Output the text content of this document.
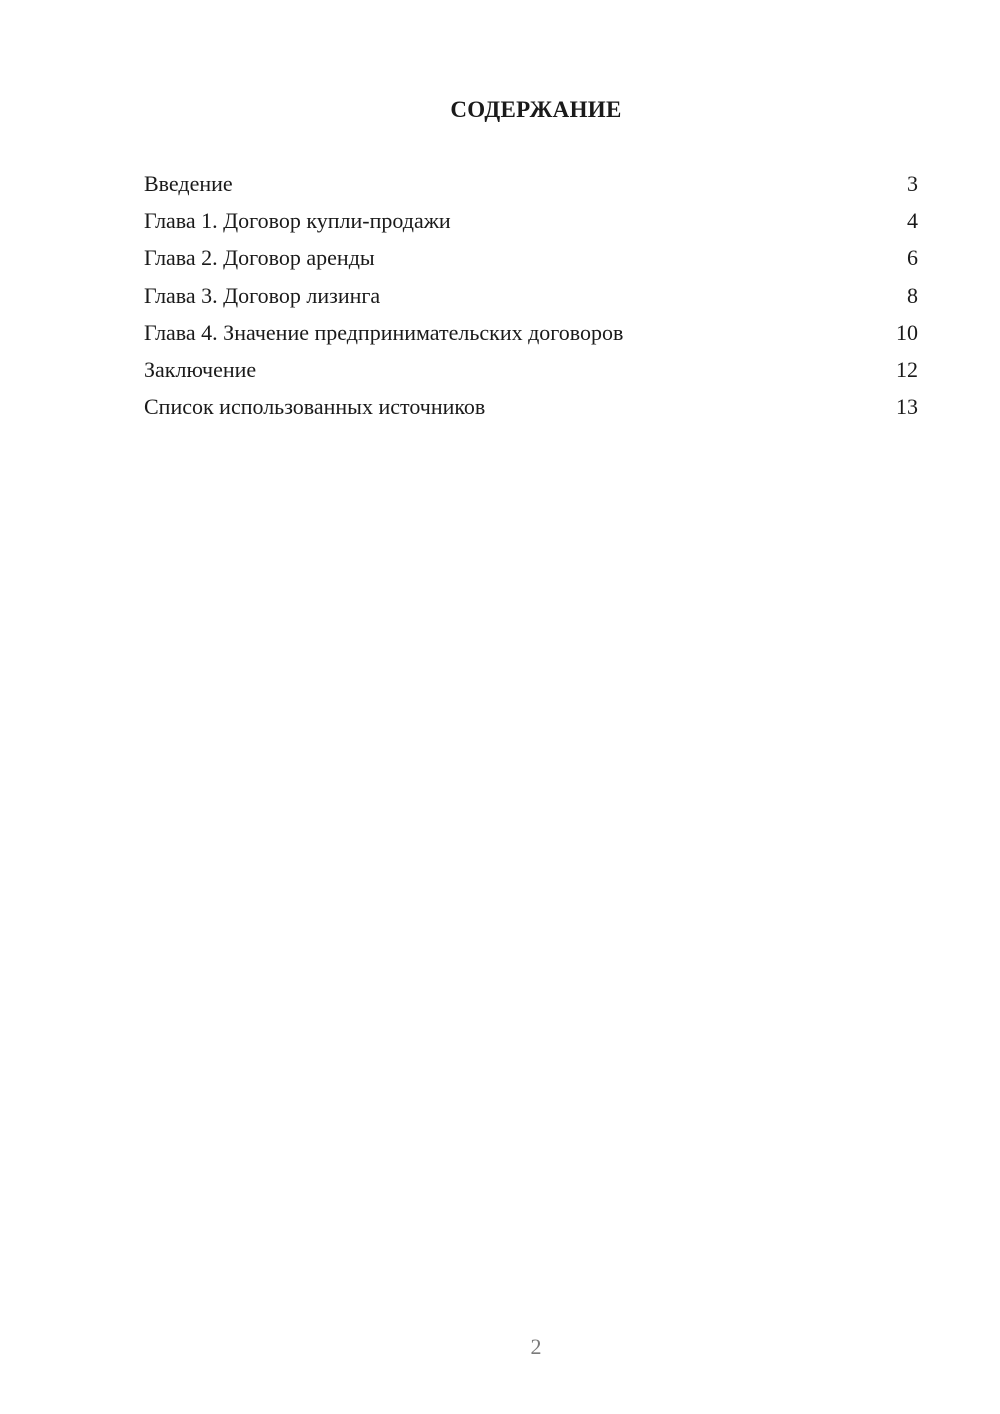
СОДЕРЖАНИЕ
Введение	3
Глава 1. Договор купли-продажи	4
Глава 2. Договор аренды	6
Глава 3. Договор лизинга	8
Глава 4. Значение предпринимательских договоров	10
Заключение	12
Список использованных источников	13
2
